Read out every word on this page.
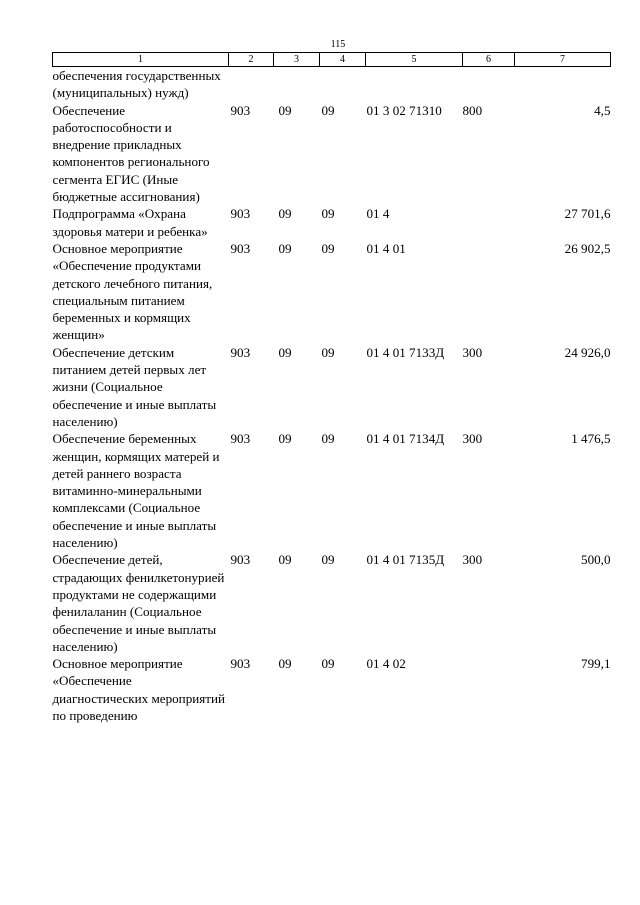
115
1	2	3	4	5	6	7
обеспечения государственных (муниципальных) нужд)						
Обеспечение работоспособности и внедрение прикладных компонентов регионального сегмента ЕГИС (Иные бюджетные ассигнования)	903	09	09	01 3 02 71310	800	4,5
Подпрограмма «Охрана здоровья матери и ребенка»	903	09	09	01 4		27 701,6
Основное мероприятие «Обеспечение продуктами детского лечебного питания, специальным питанием беременных и кормящих женщин»	903	09	09	01 4 01		26 902,5
Обеспечение детским питанием детей первых лет жизни (Социальное обеспечение и иные выплаты населению)	903	09	09	01 4 01 7133Д	300	24 926,0
Обеспечение беременных женщин, кормящих матерей и детей раннего возраста витаминно-минеральными комплексами (Социальное обеспечение и иные выплаты населению)	903	09	09	01 4 01 7134Д	300	1 476,5
Обеспечение детей, страдающих фенилкетонурией продуктами не содержащими фенилаланин (Социальное обеспечение и иные выплаты населению)	903	09	09	01 4 01 7135Д	300	500,0
Основное мероприятие «Обеспечение диагностических мероприятий по проведению	903	09	09	01 4 02		799,1
